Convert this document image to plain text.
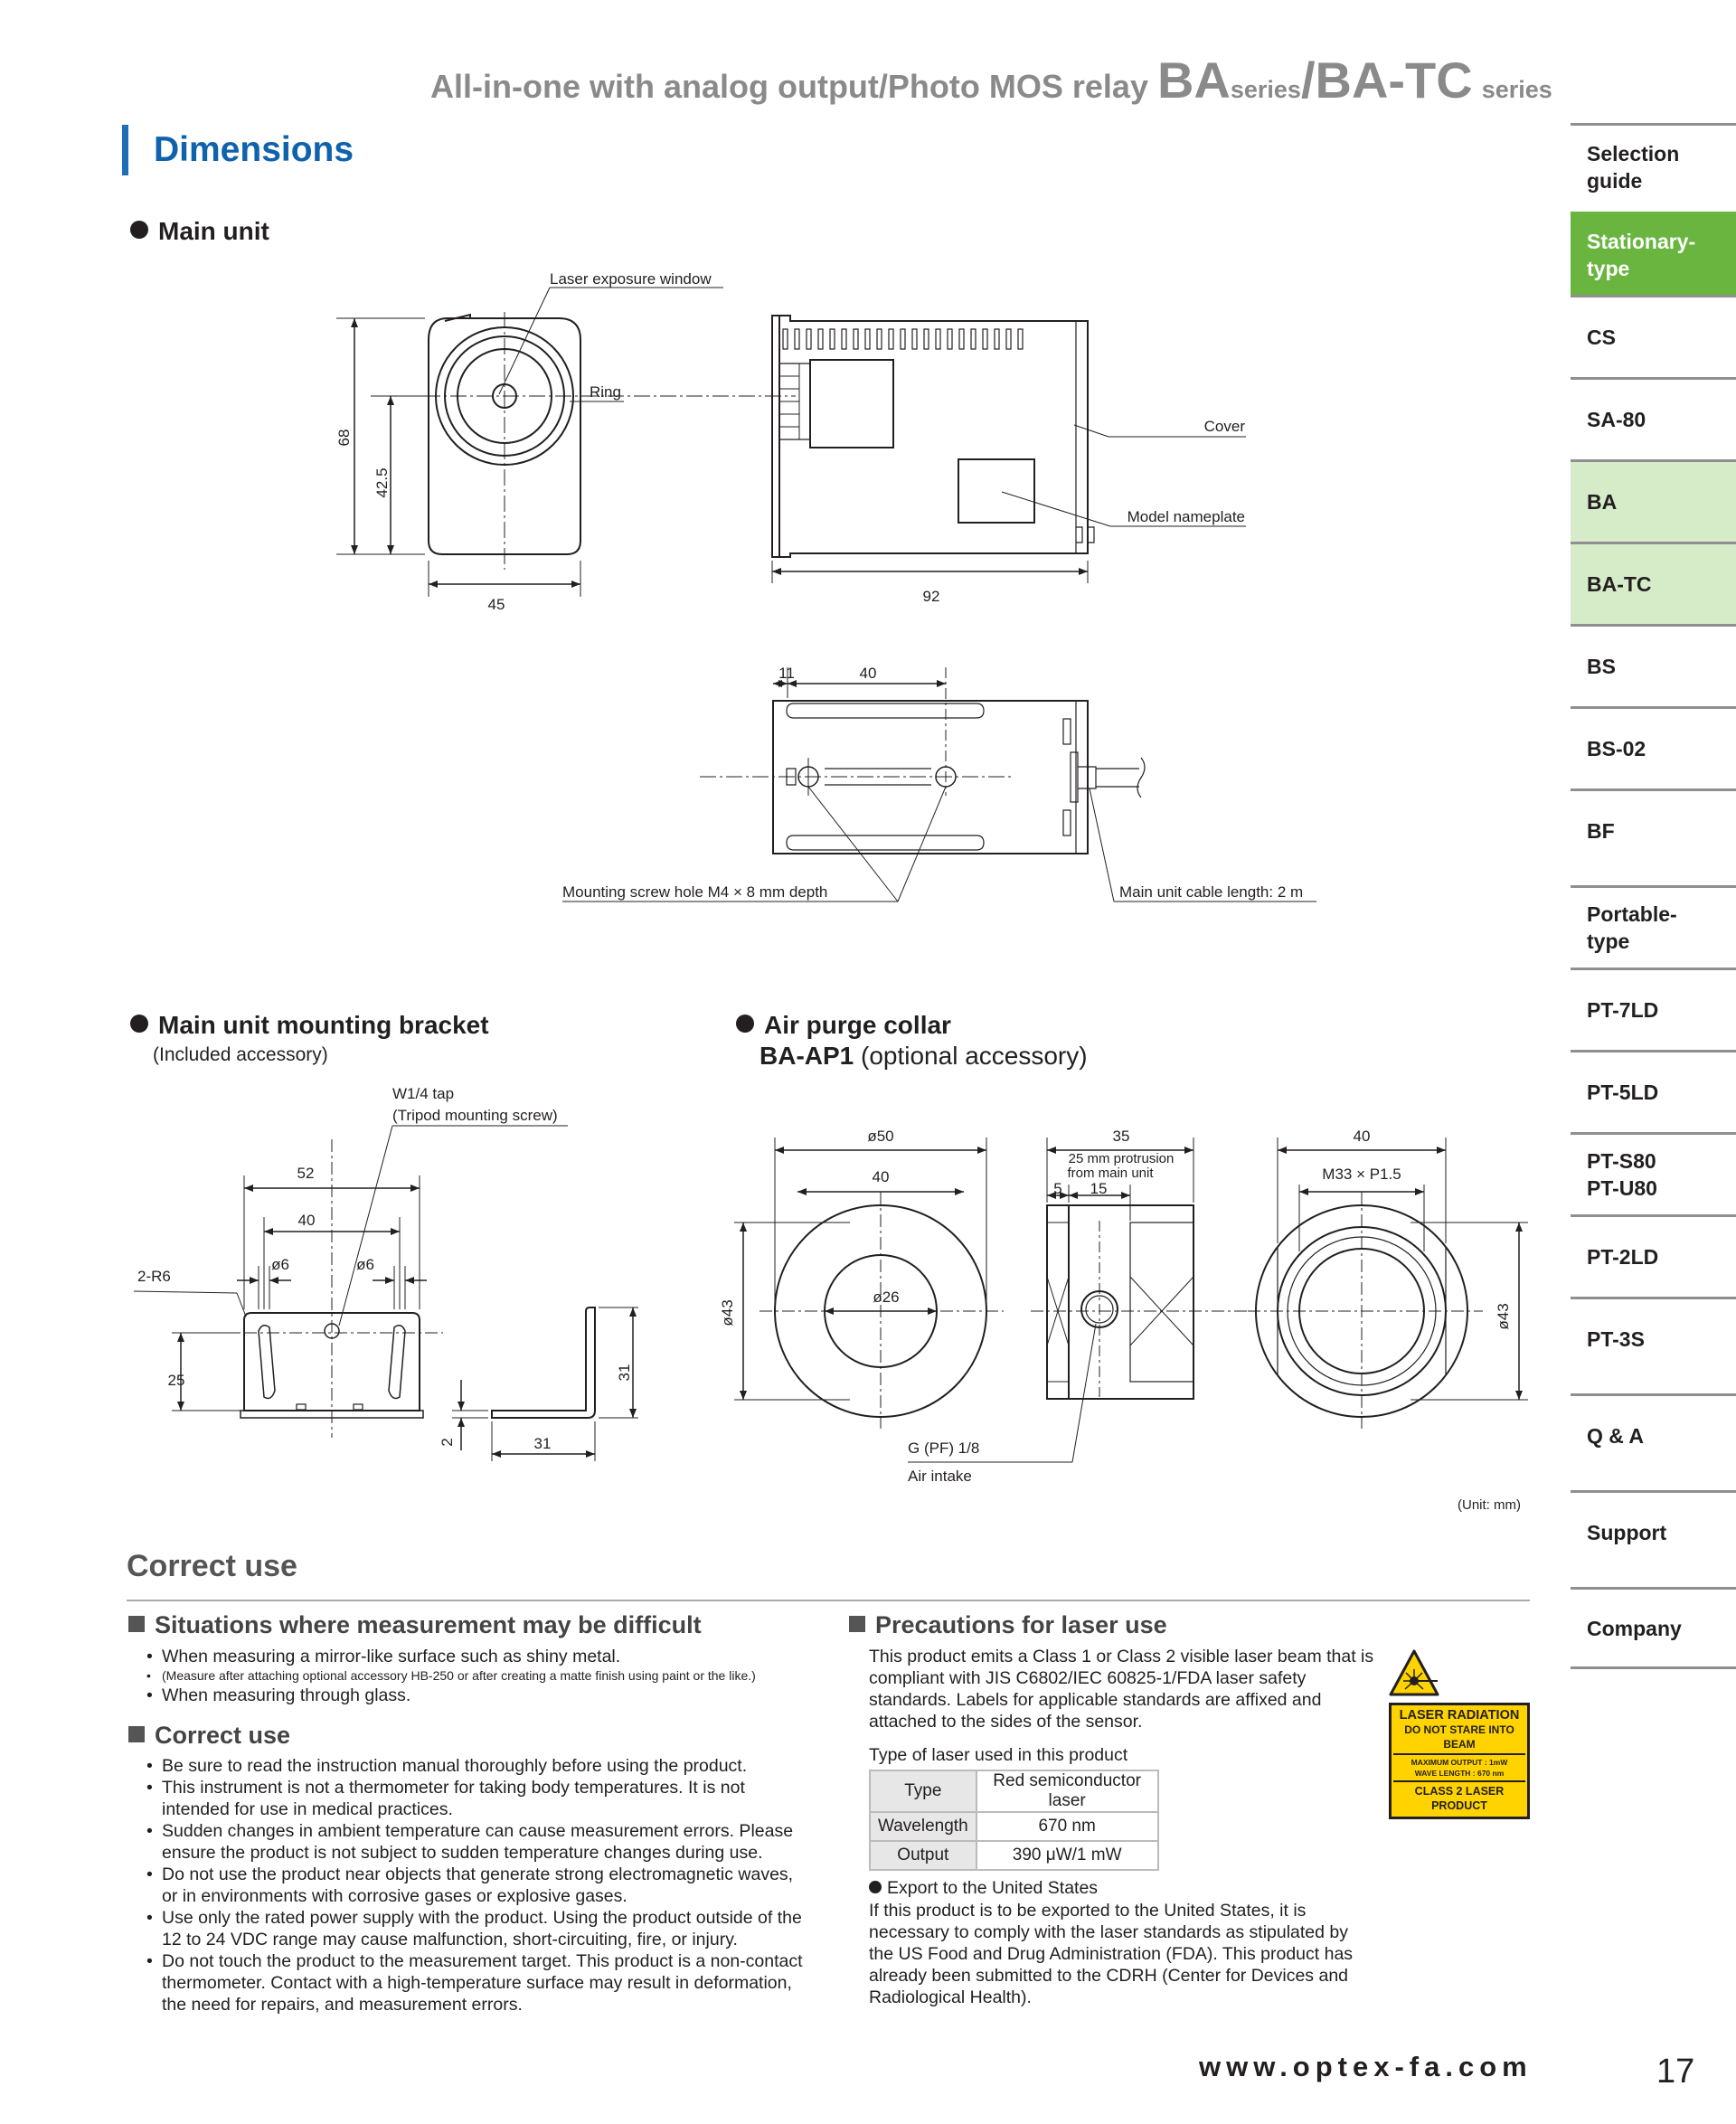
All-in-one with analog output/Photo MOS relay BAseries/BA-TC series
Dimensions
Main unit
Main unit mounting bracket
(Included accessory)
Air purge collar
BA-AP1 (optional accessory)
Laser exposure window
Ring
68
42.5
45	92
Cover
Model nameplate
11	40
Mounting screw hole M4 × 8 mm depth	Main unit cable length: 2 m
52
40
ø6	ø6
25
2-R6
W1/4 tap
(Tripod mounting screw)
31
31
2
ø50
40
ø26
ø43
35
25 mm protrusion
from main unit
5 15
G (PF) 1/8
Air intake
40
M33 × P1.5
ø43
(Unit: mm)
Selection
guide
Stationary-
type
CS
SA-80
BA
BA-TC
BS
BS-02
BF
Portable-
type
PT-7LD
PT-5LD
PT-S80
PT-U80
PT-2LD
PT-3S
Q & A
Support
Company
Correct use
Situations where measurement may be difficult
• When measuring a mirror-like surface such as shiny metal.
• (Measure after attaching optional accessory HB-250 or after creating a matte finish using paint or the like.)
• When measuring through glass.
Correct use
• Be sure to read the instruction manual thoroughly before using the product.
• This instrument is not a thermometer for taking body temperatures. It is not intended for use in medical practices.
• Sudden changes in ambient temperature can cause measurement errors. Please ensure the product is not subject to sudden temperature changes during use.
• Do not use the product near objects that generate strong electromagnetic waves, or in environments with corrosive gases or explosive gases.
• Use only the rated power supply with the product. Using the product outside of the 12 to 24 VDC range may cause malfunction, short-circuiting, fire, or injury.
• Do not touch the product to the measurement target. This product is a non-contact thermometer. Contact with a high-temperature surface may result in deformation, the need for repairs, and measurement errors.
Precautions for laser use
This product emits a Class 1 or Class 2 visible laser beam that is compliant with JIS C6802/IEC 60825-1/FDA laser safety standards. Labels for applicable standards are affixed and attached to the sides of the sensor.
Type of laser used in this product
Type	Red semiconductor laser
Wavelength	670 nm
Output	390 μW/1 mW
Export to the United States
If this product is to be exported to the United States, it is necessary to comply with the laser standards as stipulated by the US Food and Drug Administration (FDA). This product has already been submitted to the CDRH (Center for Devices and Radiological Health).
LASER RADIATION
DO NOT STARE INTO BEAM
MAXIMUM OUTPUT : 1mW
WAVE LENGTH : 670 nm
CLASS 2 LASER PRODUCT
www.optex-fa.com	17
